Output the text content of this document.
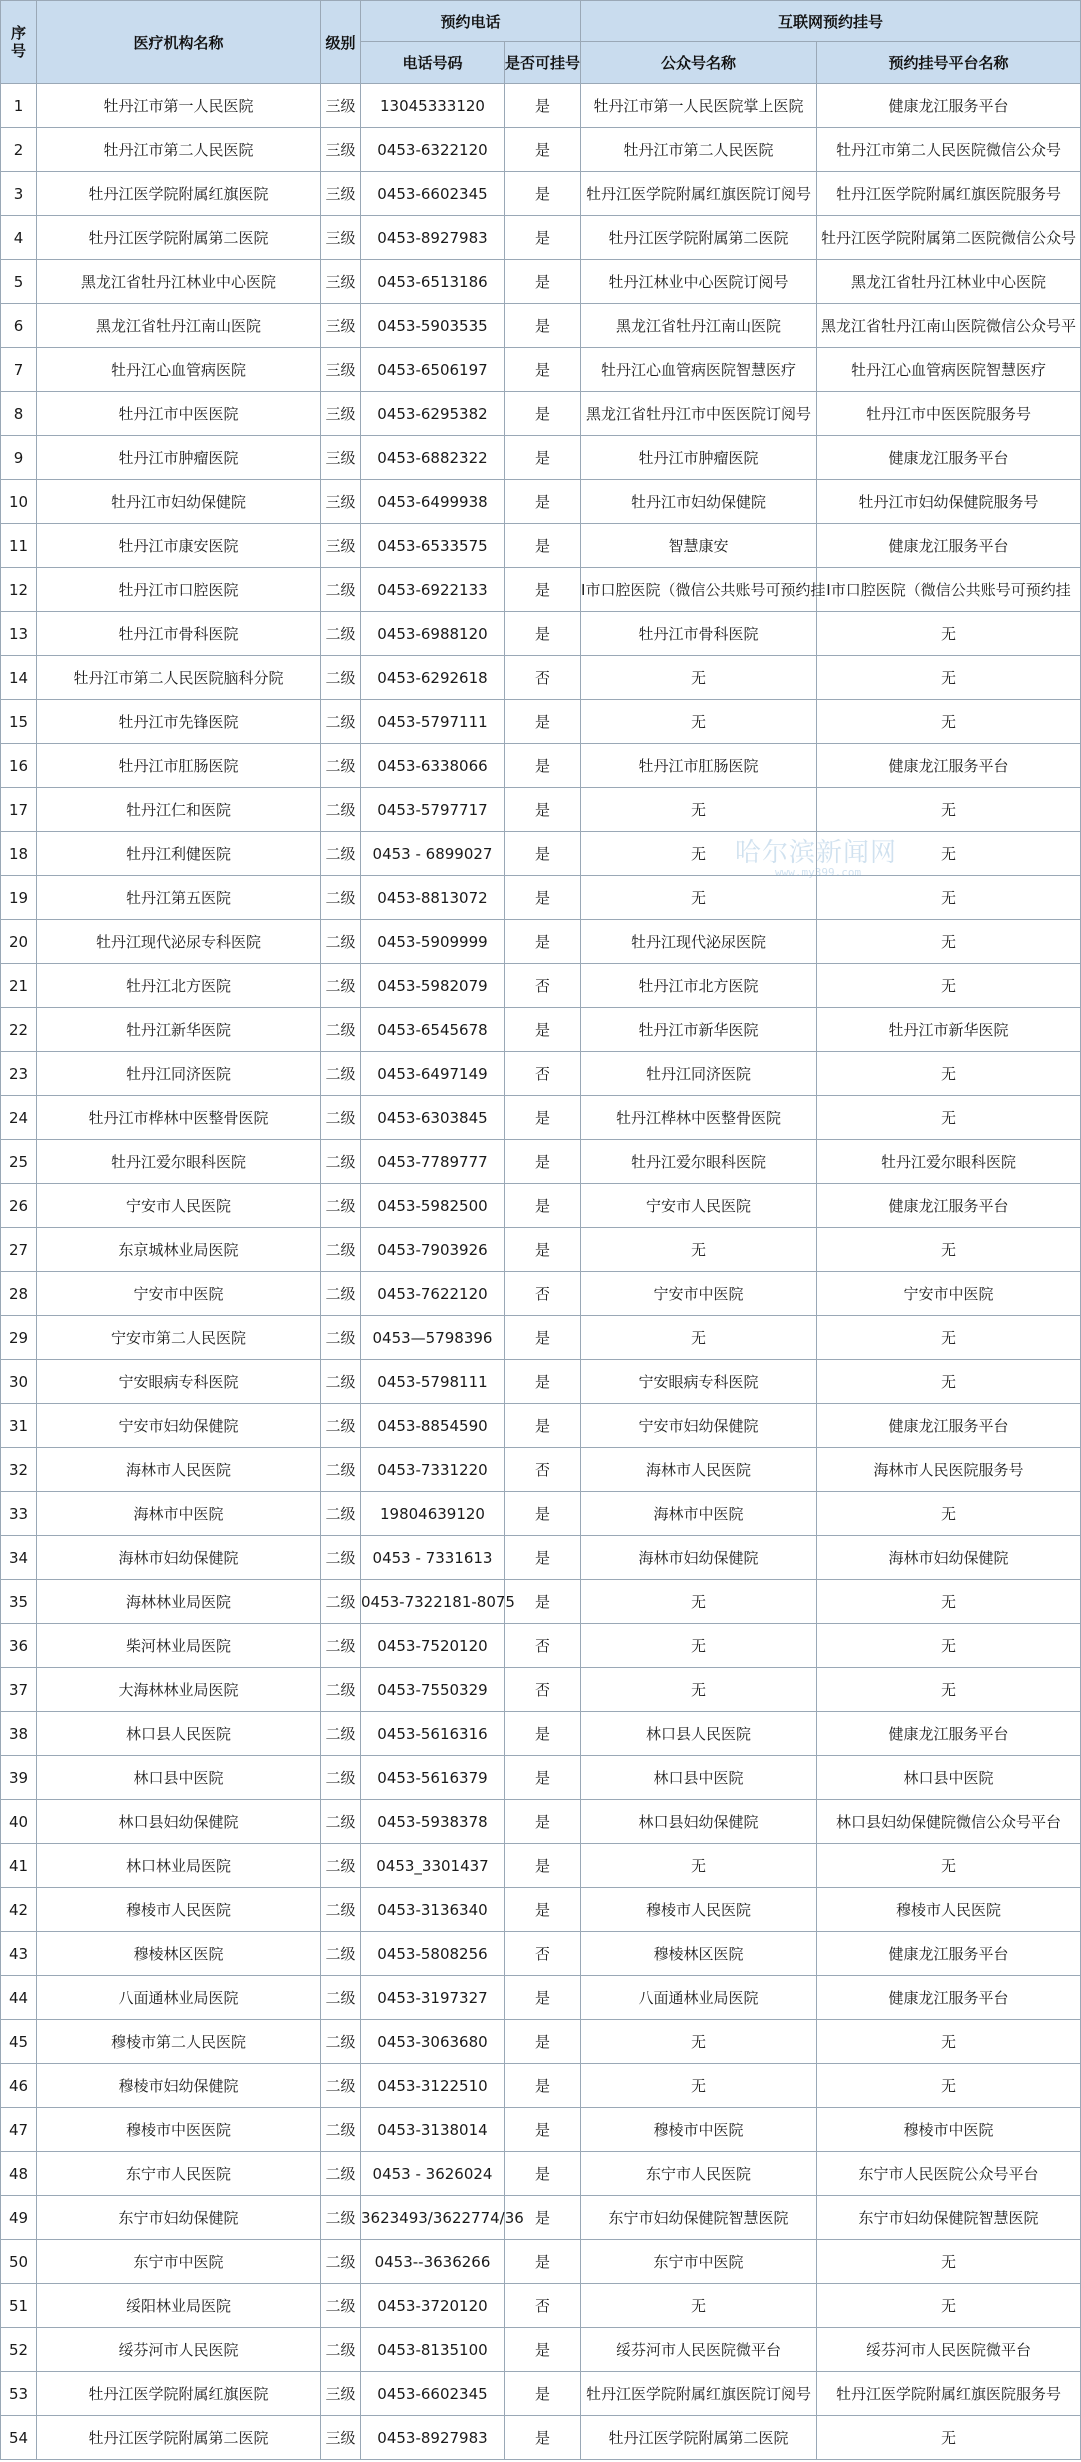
序号	医疗机构名称	级别	预约电话		互联网预约挂号	
			电话号码	是否可挂号	公众号名称	预约挂号平台名称
1	牡丹江市第一人民医院	三级	13045333120	是	牡丹江市第一人民医院掌上医院	健康龙江服务平台
2	牡丹江市第二人民医院	三级	0453-6322120	是	牡丹江市第二人民医院	牡丹江市第二人民医院微信公众号
3	牡丹江医学院附属红旗医院	三级	0453-6602345	是	牡丹江医学院附属红旗医院订阅号	牡丹江医学院附属红旗医院服务号
4	牡丹江医学院附属第二医院	三级	0453-8927983	是	牡丹江医学院附属第二医院	牡丹江医学院附属第二医院微信公众号
5	黑龙江省牡丹江林业中心医院	三级	0453-6513186	是	牡丹江林业中心医院订阅号	黑龙江省牡丹江林业中心医院
6	黑龙江省牡丹江南山医院	三级	0453-5903535	是	黑龙江省牡丹江南山医院	黑龙江省牡丹江南山医院微信公众号平
7	牡丹江心血管病医院	三级	0453-6506197	是	牡丹江心血管病医院智慧医疗	牡丹江心血管病医院智慧医疗
8	牡丹江市中医医院	三级	0453-6295382	是	黑龙江省牡丹江市中医医院订阅号	牡丹江市中医医院服务号
9	牡丹江市肿瘤医院	三级	0453-6882322	是	牡丹江市肿瘤医院	健康龙江服务平台
10	牡丹江市妇幼保健院	三级	0453-6499938	是	牡丹江市妇幼保健院	牡丹江市妇幼保健院服务号
11	牡丹江市康安医院	三级	0453-6533575	是	智慧康安	健康龙江服务平台
12	牡丹江市口腔医院	二级	0453-6922133	是	I市口腔医院（微信公共账号可预约挂	I市口腔医院（微信公共账号可预约挂
13	牡丹江市骨科医院	二级	0453-6988120	是	牡丹江市骨科医院	无
14	牡丹江市第二人民医院脑科分院	二级	0453-6292618	否	无	无
15	牡丹江市先锋医院	二级	0453-5797111	是	无	无
16	牡丹江市肛肠医院	二级	0453-6338066	是	牡丹江市肛肠医院	健康龙江服务平台
17	牡丹江仁和医院	二级	0453-5797717	是	无	无
18	牡丹江利健医院	二级	0453 - 6899027	是	无	无
19	牡丹江第五医院	二级	0453-8813072	是	无	无
20	牡丹江现代泌尿专科医院	二级	0453-5909999	是	牡丹江现代泌尿医院	无
21	牡丹江北方医院	二级	0453-5982079	否	牡丹江市北方医院	无
22	牡丹江新华医院	二级	0453-6545678	是	牡丹江市新华医院	牡丹江市新华医院
23	牡丹江同济医院	二级	0453-6497149	否	牡丹江同济医院	无
24	牡丹江市桦林中医整骨医院	二级	0453-6303845	是	牡丹江桦林中医整骨医院	无
25	牡丹江爱尔眼科医院	二级	0453-7789777	是	牡丹江爱尔眼科医院	牡丹江爱尔眼科医院
26	宁安市人民医院	二级	0453-5982500	是	宁安市人民医院	健康龙江服务平台
27	东京城林业局医院	二级	0453-7903926	是	无	无
28	宁安市中医院	二级	0453-7622120	否	宁安市中医院	宁安市中医院
29	宁安市第二人民医院	二级	0453—5798396	是	无	无
30	宁安眼病专科医院	二级	0453-5798111	是	宁安眼病专科医院	无
31	宁安市妇幼保健院	二级	0453-8854590	是	宁安市妇幼保健院	健康龙江服务平台
32	海林市人民医院	二级	0453-7331220	否	海林市人民医院	海林市人民医院服务号
33	海林市中医院	二级	19804639120	是	海林市中医院	无
34	海林市妇幼保健院	二级	0453 - 7331613	是	海林市妇幼保健院	海林市妇幼保健院
35	海林林业局医院	二级	0453-7322181-8075	是	无	无
36	柴河林业局医院	二级	0453-7520120	否	无	无
37	大海林林业局医院	二级	0453-7550329	否	无	无
38	林口县人民医院	二级	0453-5616316	是	林口县人民医院	健康龙江服务平台
39	林口县中医院	二级	0453-5616379	是	林口县中医院	林口县中医院
40	林口县妇幼保健院	二级	0453-5938378	是	林口县妇幼保健院	林口县妇幼保健院微信公众号平台
41	林口林业局医院	二级	0453_3301437	是	无	无
42	穆棱市人民医院	二级	0453-3136340	是	穆棱市人民医院	穆棱市人民医院
43	穆棱林区医院	二级	0453-5808256	否	穆棱林区医院	健康龙江服务平台
44	八面通林业局医院	二级	0453-3197327	是	八面通林业局医院	健康龙江服务平台
45	穆棱市第二人民医院	二级	0453-3063680	是	无	无
46	穆棱市妇幼保健院	二级	0453-3122510	是	无	无
47	穆棱市中医医院	二级	0453-3138014	是	穆棱市中医院	穆棱市中医院
48	东宁市人民医院	二级	0453 - 3626024	是	东宁市人民医院	东宁市人民医院公众号平台
49	东宁市妇幼保健院	二级	3623493/3622774/36	是	东宁市妇幼保健院智慧医院	东宁市妇幼保健院智慧医院
50	东宁市中医院	二级	0453--3636266	是	东宁市中医院	无
51	绥阳林业局医院	二级	0453-3720120	否	无	无
52	绥芬河市人民医院	二级	0453-8135100	是	绥芬河市人民医院微平台	绥芬河市人民医院微平台
53	牡丹江医学院附属红旗医院	三级	0453-6602345	是	牡丹江医学院附属红旗医院订阅号	牡丹江医学院附属红旗医院服务号
54	牡丹江医学院附属第二医院	三级	0453-8927983	是	牡丹江医学院附属第二医院	无
哈尔滨新闻网
www.my399.com
